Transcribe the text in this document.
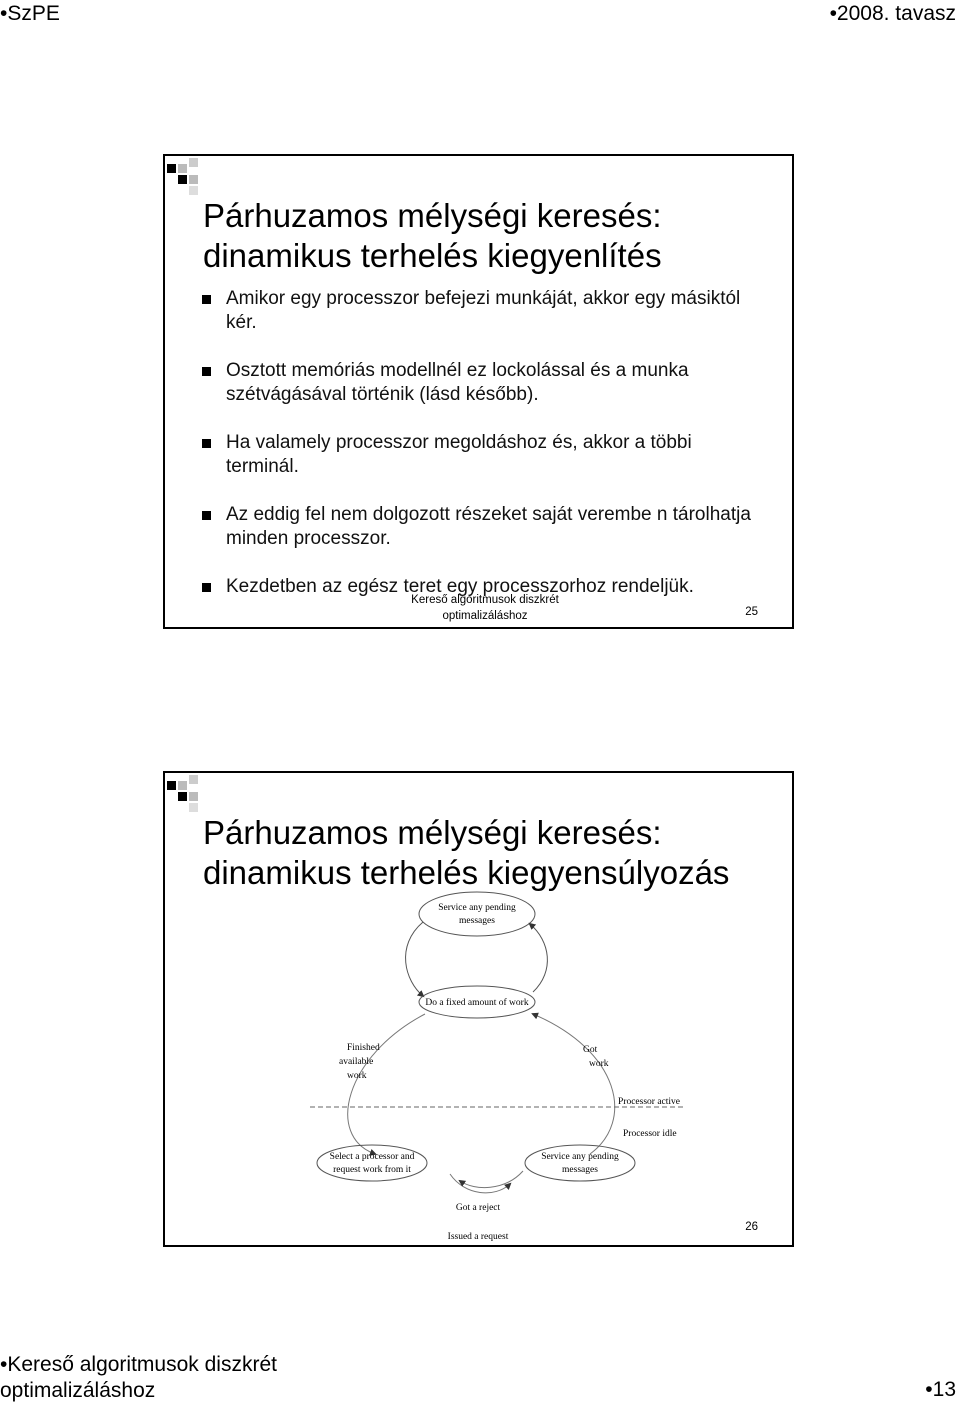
•SzPE	•2008. tavasz
Párhuzamos mélységi keresés:
dinamikus terhelés kiegyenlítés
Amikor egy processzor befejezi munkáját, akkor egy másiktól kér.
Osztott memóriás modellnél ez lockolással és a munka szétvágásával történik (lásd később).
Ha valamely processzor megoldáshoz és, akkor a többi terminál.
Az eddig fel nem dolgozott részeket saját verembe n tárolhatja minden processzor.
Kezdetben az egész teret egy processzorhoz rendeljük.
Kereső algoritmusok diszkrét
optimalizáláshoz	25
Párhuzamos mélységi keresés:
dinamikus terhelés kiegyensúlyozás
Service any pending
messages
Do a fixed amount of work
Finished
available
work
Got
work
Processor active
Processor idle
Select a processor and
request work from it
Service any pending
messages
Got a reject
Issued a request
26
•Kereső algoritmusok diszkrét
optimalizáláshoz	•13
